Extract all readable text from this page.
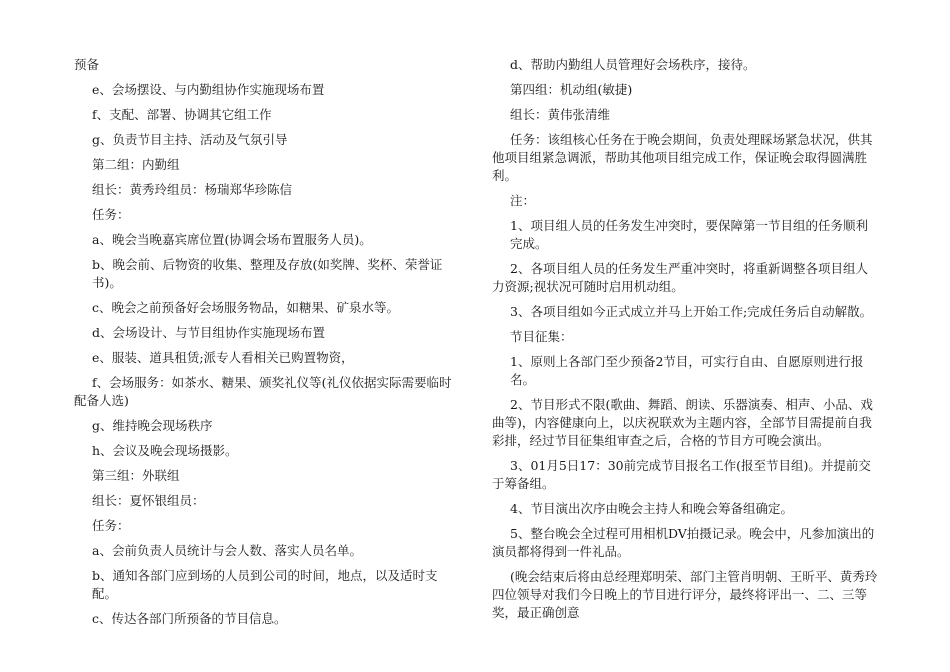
预备

e、会场摆设、与内勤组协作实施现场布置

f、支配、部署、协调其它组工作

g、负责节目主持、活动及气氛引导

第二组：内勤组

组长：黄秀玲组员：杨瑞郑华珍陈信

任务：

a、晚会当晚嘉宾席位置(协调会场布置服务人员)。

b、晚会前、后物资的收集、整理及存放(如奖牌、奖杯、荣誉证书)。

c、晚会之前预备好会场服务物品，如糖果、矿泉水等。

d、会场设计、与节目组协作实施现场布置

e、服装、道具租赁;派专人看相关已购置物资，

f、会场服务：如茶水、糖果、颁奖礼仪等(礼仪依据实际需要临时配备人选)

g、维持晚会现场秩序

h、会议及晚会现场摄影。

第三组：外联组

组长：夏怀银组员：

任务：

a、会前负责人员统计与会人数、落实人员名单。

b、通知各部门应到场的人员到公司的时间，地点，以及适时支配。

c、传达各部门所预备的节目信息。

d、帮助内勤组人员管理好会场秩序，接待。

第四组：机动组(敏捷)

组长：黄伟张清维

任务：该组核心任务在于晚会期间，负责处理睬场紧急状况，供其他项目组紧急调派，帮助其他项目组完成工作，保证晚会取得圆满胜利。

注：

1、项目组人员的任务发生冲突时，要保障第一节目组的任务顺利完成。

2、各项目组人员的任务发生严重冲突时，将重新调整各项目组人力资源;视状况可随时启用机动组。

3、各项目组如今正式成立并马上开始工作;完成任务后自动解散。

节目征集：

1、原则上各部门至少预备2节目，可实行自由、自愿原则进行报名。

2、节目形式不限(歌曲、舞蹈、朗读、乐器演奏、相声、小品、戏曲等)，内容健康向上，以庆祝联欢为主题内容，全部节目需提前自我彩排，经过节目征集组审查之后，合格的节目方可晚会演出。

3、01月5日17：30前完成节目报名工作(报至节目组)。并提前交于筹备组。

4、节目演出次序由晚会主持人和晚会筹备组确定。

5、整台晚会全过程可用相机DV拍摄记录。晚会中，凡参加演出的演员都将得到一件礼品。

(晚会结束后将由总经理郑明荣、部门主管肖明朝、王昕平、黄秀玲四位领导对我们今日晚上的节目进行评分，最终将评出一、二、三等奖，最正确创意
